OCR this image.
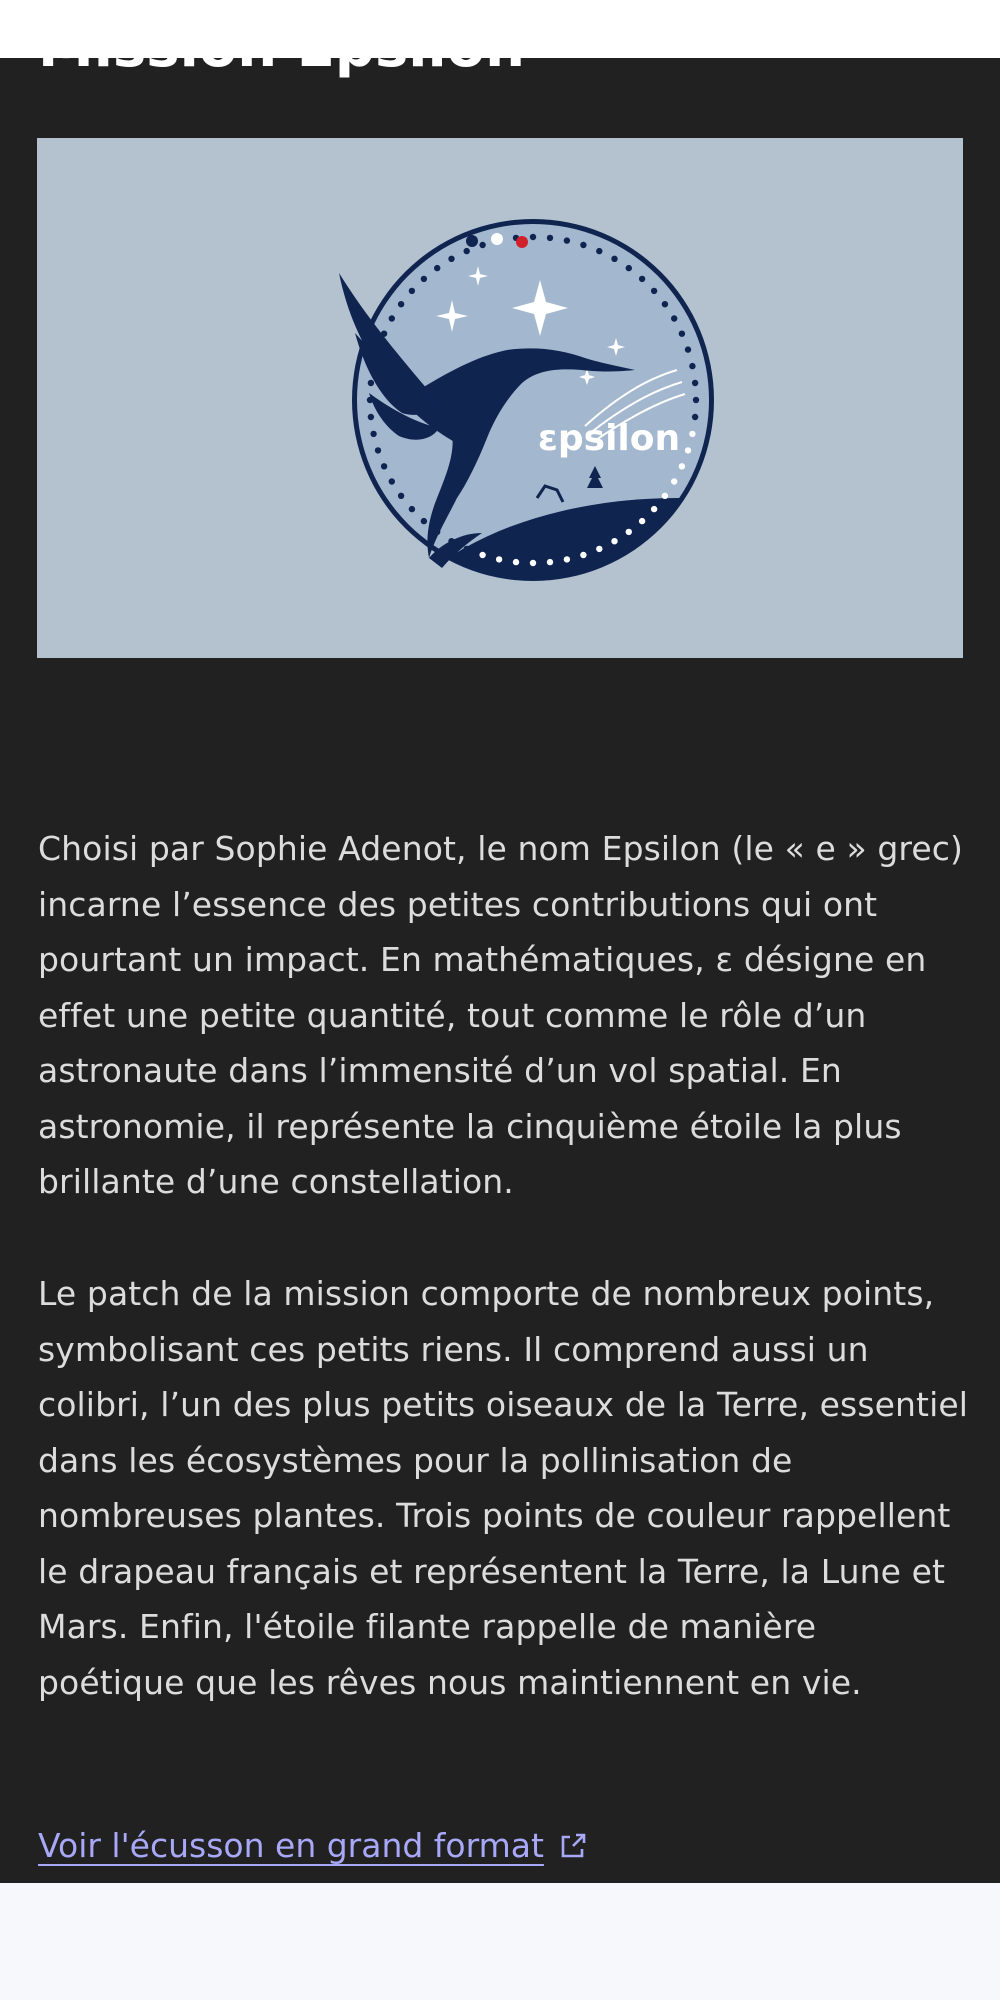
εpsilon

Choisi par Sophie Adenot, le nom Epsilon (le « e » grec) incarne l’essence des petites contributions qui ont pourtant un impact. En mathématiques, ε désigne en effet une petite quantité, tout comme le rôle d’un astronaute dans l’immensité d’un vol spatial. En astronomie, il représente la cinquième étoile la plus brillante d’une constellation.

Le patch de la mission comporte de nombreux points, symbolisant ces petits riens. Il comprend aussi un colibri, l’un des plus petits oiseaux de la Terre, essentiel dans les écosystèmes pour la pollinisation de nombreuses plantes. Trois points de couleur rappellent le drapeau français et représentent la Terre, la Lune et Mars. Enfin, l'étoile filante rappelle de manière poétique que les rêves nous maintiennent en vie.

Voir l'écusson en grand format
